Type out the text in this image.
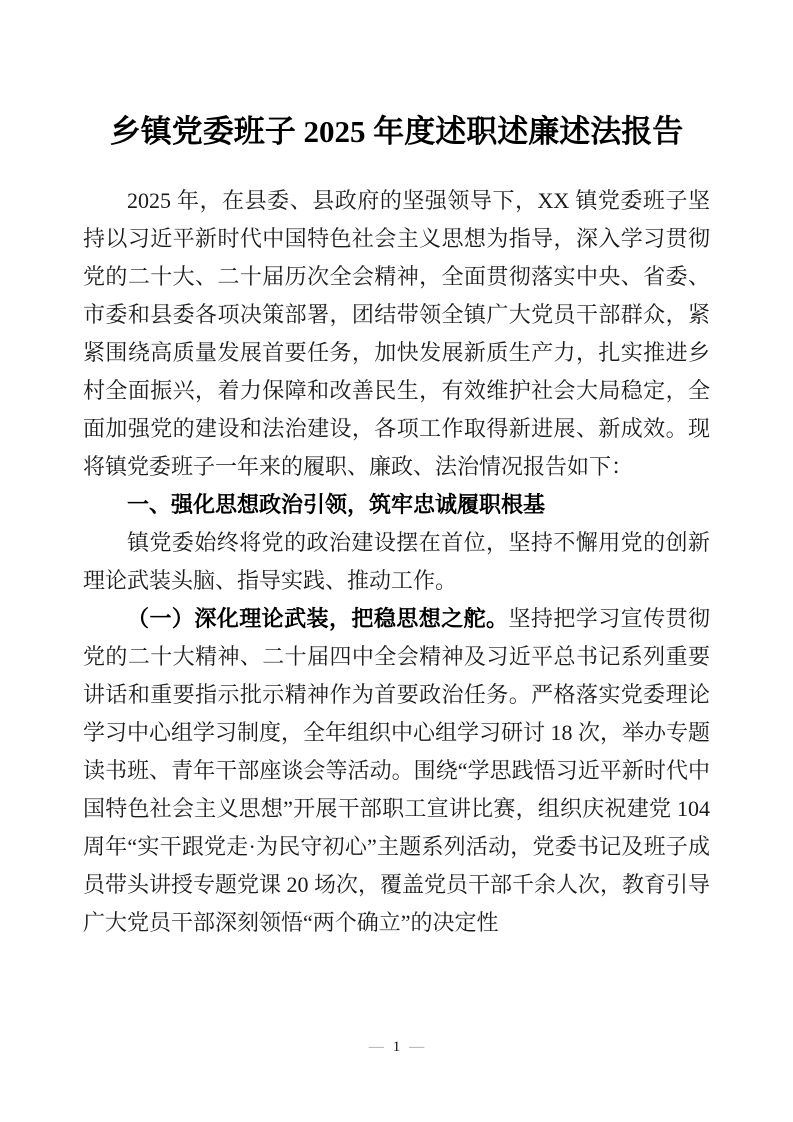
乡镇党委班子 2025 年度述职述廉述法报告

2025 年，在县委、县政府的坚强领导下，XX 镇党委班子坚持以习近平新时代中国特色社会主义思想为指导，深入学习贯彻党的二十大、二十届历次全会精神，全面贯彻落实中央、省委、市委和县委各项决策部署，团结带领全镇广大党员干部群众，紧紧围绕高质量发展首要任务，加快发展新质生产力，扎实推进乡村全面振兴，着力保障和改善民生，有效维护社会大局稳定，全面加强党的建设和法治建设，各项工作取得新进展、新成效。现将镇党委班子一年来的履职、廉政、法治情况报告如下：

一、强化思想政治引领，筑牢忠诚履职根基

镇党委始终将党的政治建设摆在首位，坚持不懈用党的创新理论武装头脑、指导实践、推动工作。

（一）深化理论武装，把稳思想之舵。坚持把学习宣传贯彻党的二十大精神、二十届四中全会精神及习近平总书记系列重要讲话和重要指示批示精神作为首要政治任务。严格落实党委理论学习中心组学习制度，全年组织中心组学习研讨 18 次，举办专题读书班、青年干部座谈会等活动。围绕“学思践悟习近平新时代中国特色社会主义思想”开展干部职工宣讲比赛，组织庆祝建党 104 周年“实干跟党走·为民守初心”主题系列活动，党委书记及班子成员带头讲授专题党课 20 场次，覆盖党员干部千余人次，教育引导广大党员干部深刻领悟“两个确立”的决定性

— 1 —
